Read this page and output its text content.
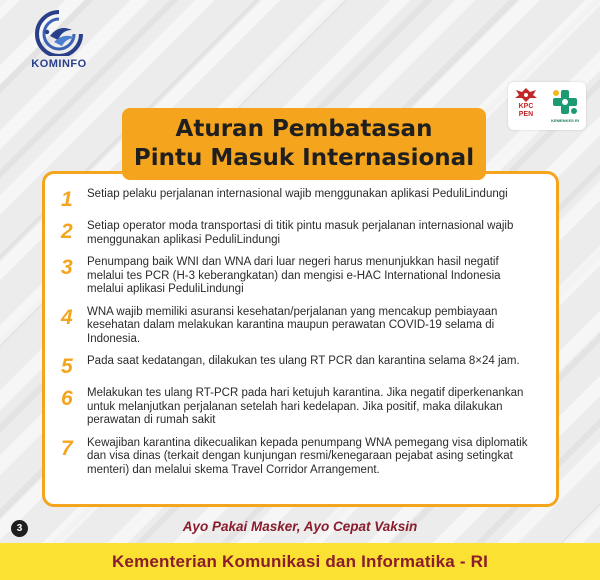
KOMINFO
KPC
PEN
KEMENKES RI
Aturan Pembatasan
Pintu Masuk Internasional
1	Setiap pelaku perjalanan internasional wajib menggunakan aplikasi PeduliLindungi
2	Setiap operator moda transportasi di titik pintu masuk perjalanan internasional wajib menggunakan aplikasi PeduliLindungi
3	Penumpang baik WNI dan WNA dari luar negeri harus menunjukkan hasil negatif melalui tes PCR (H-3 keberangkatan) dan mengisi e-HAC International Indonesia melalui aplikasi PeduliLindungi
4	WNA wajib memiliki asuransi kesehatan/perjalanan yang mencakup pembiayaan kesehatan dalam melakukan karantina maupun perawatan COVID-19 selama di Indonesia.
5	Pada saat kedatangan, dilakukan tes ulang RT PCR dan karantina selama 8×24 jam.
6	Melakukan tes ulang RT-PCR pada hari ketujuh karantina. Jika negatif diperkenankan untuk melanjutkan perjalanan setelah hari kedelapan. Jika positif, maka dilakukan perawatan di rumah sakit
7	Kewajiban karantina dikecualikan kepada penumpang WNA pemegang visa diplomatik dan visa dinas (terkait dengan kunjungan resmi/kenegaraan pejabat asing setingkat menteri) dan melalui skema Travel Corridor Arrangement.
3	Ayo Pakai Masker, Ayo Cepat Vaksin
Kementerian Komunikasi dan Informatika - RI
